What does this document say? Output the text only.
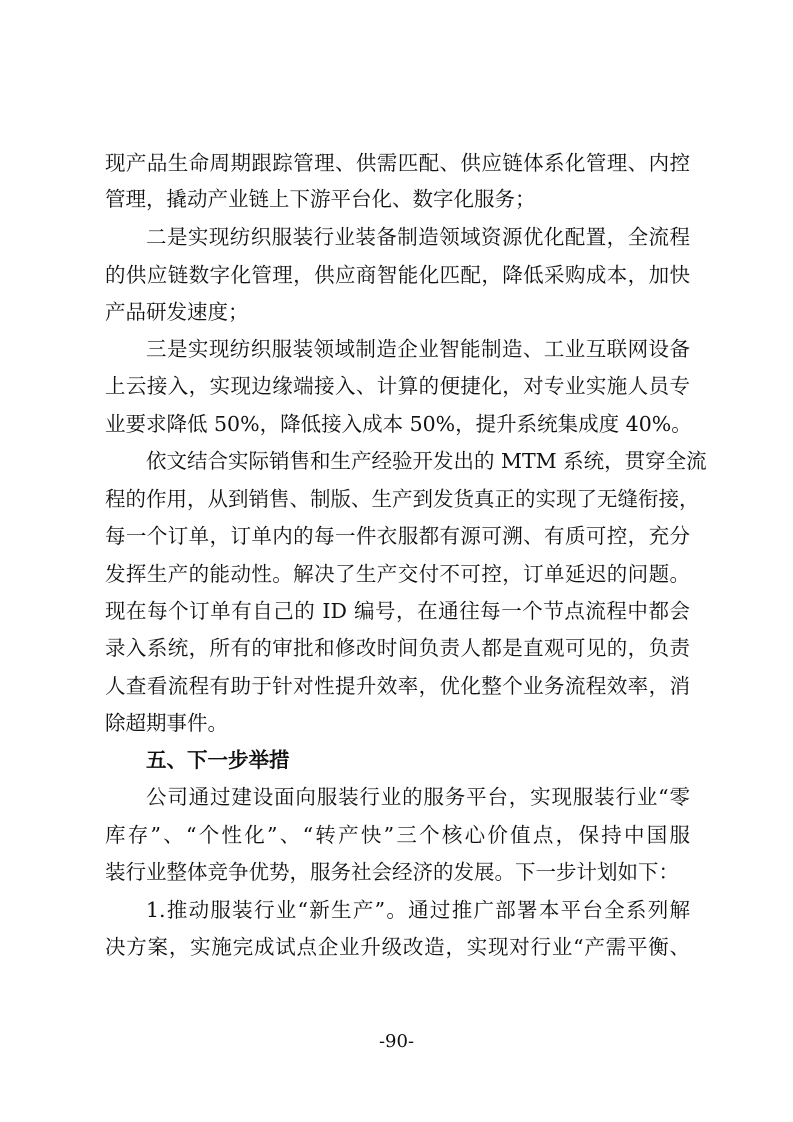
现产品生命周期跟踪管理、供需匹配、供应链体系化管理、内控
管理，撬动产业链上下游平台化、数字化服务；
二是实现纺织服装行业装备制造领域资源优化配置，全流程
的供应链数字化管理，供应商智能化匹配，降低采购成本，加快
产品研发速度；
三是实现纺织服装领域制造企业智能制造、工业互联网设备
上云接入，实现边缘端接入、计算的便捷化，对专业实施人员专
业要求降低 50%，降低接入成本 50%，提升系统集成度 40%。
依文结合实际销售和生产经验开发出的 MTM 系统，贯穿全流
程的作用，从到销售、制版、生产到发货真正的实现了无缝衔接，
每一个订单，订单内的每一件衣服都有源可溯、有质可控，充分
发挥生产的能动性。解决了生产交付不可控，订单延迟的问题。
现在每个订单有自己的 ID 编号，在通往每一个节点流程中都会
录入系统，所有的审批和修改时间负责人都是直观可见的，负责
人查看流程有助于针对性提升效率，优化整个业务流程效率，消
除超期事件。
五、下一步举措
公司通过建设面向服装行业的服务平台，实现服装行业“零
库存”、“个性化”、“转产快”三个核心价值点，保持中国服
装行业整体竞争优势，服务社会经济的发展。下一步计划如下：
1.推动服装行业“新生产”。通过推广部署本平台全系列解
决方案，实施完成试点企业升级改造，实现对行业“产需平衡、
-90-
